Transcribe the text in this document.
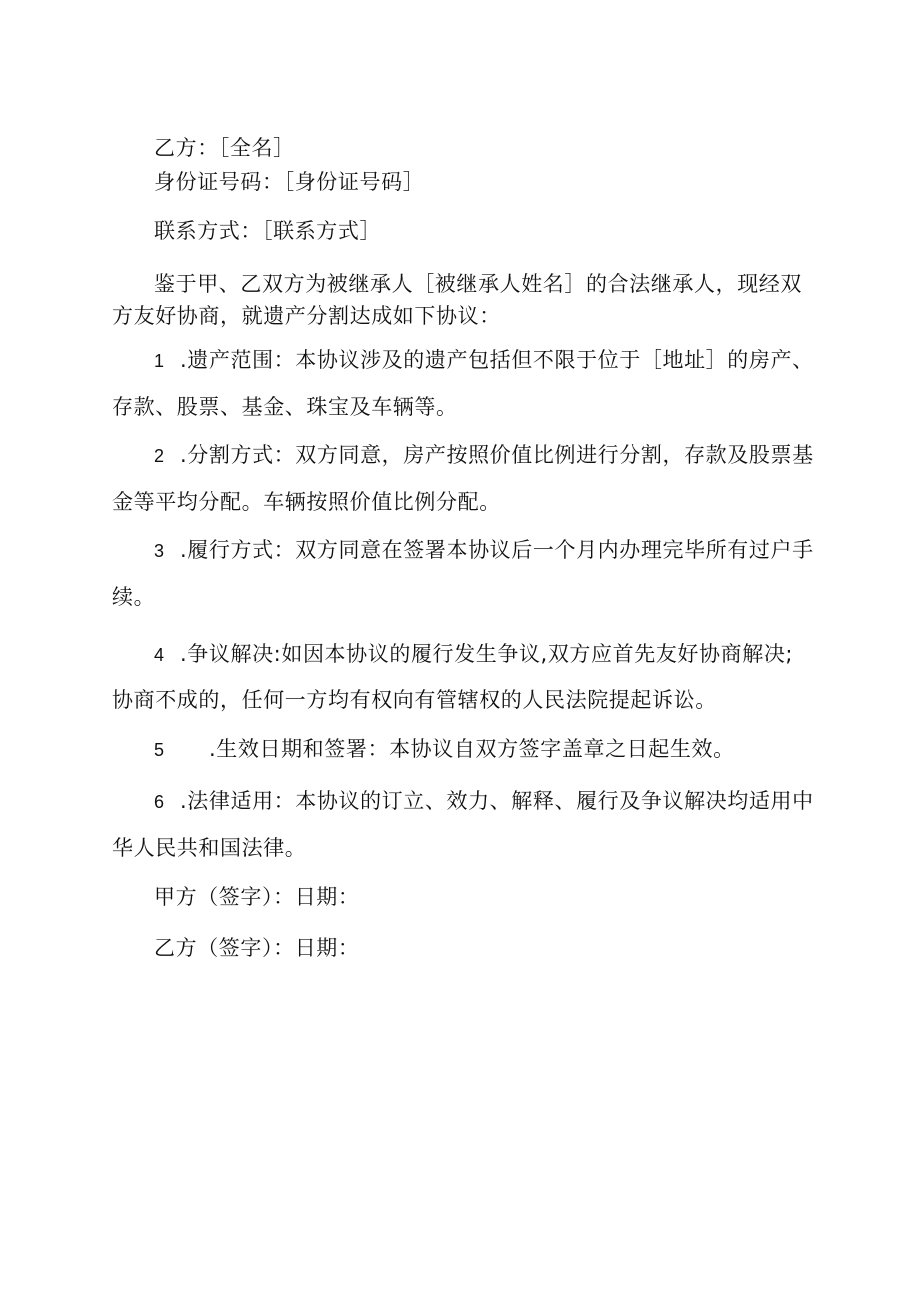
乙方：［全名］
身份证号码：［身份证号码］
联系方式：［联系方式］
鉴于甲、乙双方为被继承人［被继承人姓名］的合法继承人，现经双
方友好协商，就遗产分割达成如下协议：
1 .遗产范围：本协议涉及的遗产包括但不限于位于［地址］的房产、
存款、股票、基金、珠宝及车辆等。
2 .分割方式：双方同意，房产按照价值比例进行分割，存款及股票基
金等平均分配。车辆按照价值比例分配。
3 .履行方式：双方同意在签署本协议后一个月内办理完毕所有过户手
续。
4 .争议解决:如因本协议的履行发生争议,双方应首先友好协商解决;
协商不成的，任何一方均有权向有管辖权的人民法院提起诉讼。
5 .生效日期和签署：本协议自双方签字盖章之日起生效。
6 .法律适用：本协议的订立、效力、解释、履行及争议解决均适用中
华人民共和国法律。
甲方（签字）：日期：
乙方（签字）：日期：
